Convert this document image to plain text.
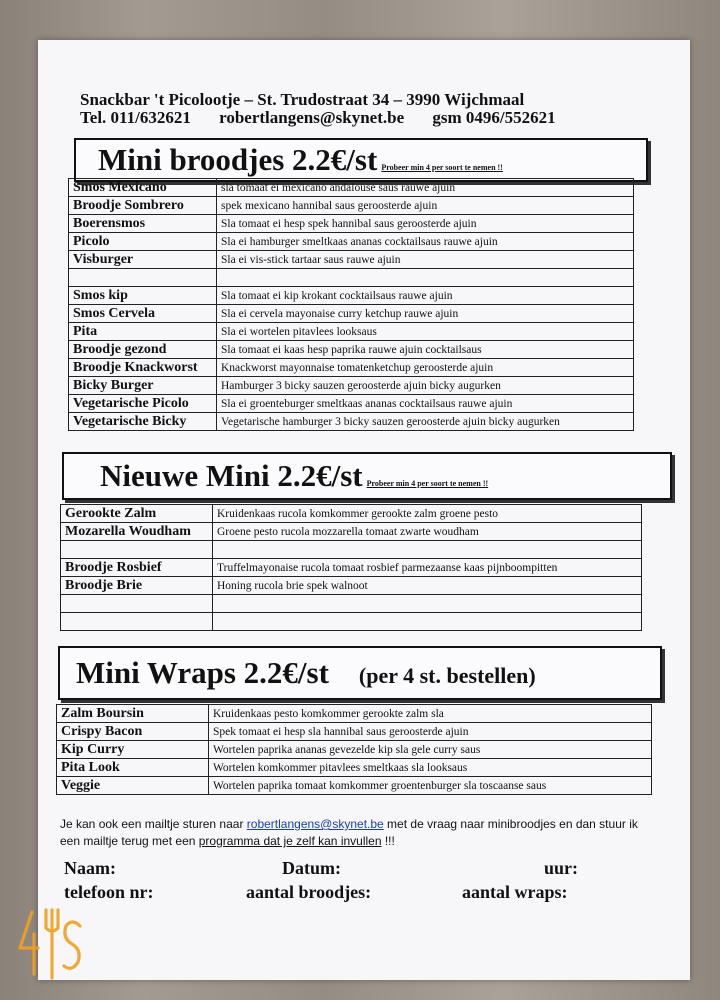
Snackbar 't Picolootje – St. Trudostraat 34 – 3990 Wijchmaal
Tel. 011/632621 robertlangens@skynet.be gsm 0496/552621
Mini broodjes 2.2€/st Probeer min 4 per soort te nemen !!
Smos Mexicano	sla tomaat ei mexicano andalouse saus rauwe ajuin
Broodje Sombrero	spek mexicano hannibal saus geroosterde ajuin
Boerensmos	Sla tomaat ei hesp spek hannibal saus geroosterde ajuin
Picolo	Sla ei hamburger smeltkaas ananas cocktailsaus rauwe ajuin
Visburger	Sla ei vis-stick tartaar saus rauwe ajuin

Smos kip	Sla tomaat ei kip krokant cocktailsaus rauwe ajuin
Smos Cervela	Sla ei cervela mayonaise curry ketchup rauwe ajuin
Pita	Sla ei wortelen pitavlees looksaus
Broodje gezond	Sla tomaat ei kaas hesp paprika rauwe ajuin cocktailsaus
Broodje Knackworst	Knackworst mayonnaise tomatenketchup geroosterde ajuin
Bicky Burger	Hamburger 3 bicky sauzen geroosterde ajuin bicky augurken
Vegetarische Picolo	Sla ei groenteburger smeltkaas ananas cocktailsaus rauwe ajuin
Vegetarische Bicky	Vegetarische hamburger 3 bicky sauzen geroosterde ajuin bicky augurken
Nieuwe Mini 2.2€/st Probeer min 4 per soort te nemen !!
Gerookte Zalm	Kruidenkaas rucola komkommer gerookte zalm groene pesto
Mozarella Woudham	Groene pesto rucola mozzarella tomaat zwarte woudham

Broodje Rosbief	Truffelmayonaise rucola tomaat rosbief parmezaanse kaas pijnboompitten
Broodje Brie	Honing rucola brie spek walnoot

Mini Wraps 2.2€/st (per 4 st. bestellen)
Zalm Boursin	Kruidenkaas pesto komkommer gerookte zalm sla
Crispy Bacon	Spek tomaat ei hesp sla hannibal saus geroosterde ajuin
Kip Curry	Wortelen paprika ananas gevezelde kip sla gele curry saus
Pita Look	Wortelen komkommer pitavlees smeltkaas sla looksaus
Veggie	Wortelen paprika tomaat komkommer groentenburger sla toscaanse saus
Je kan ook een mailtje sturen naar robertlangens@skynet.be met de vraag naar minibroodjes en dan stuur ik een mailtje terug met een programma dat je zelf kan invullen !!!
Naam:	Datum:	uur:
telefoon nr:	aantal broodjes:	aantal wraps:
